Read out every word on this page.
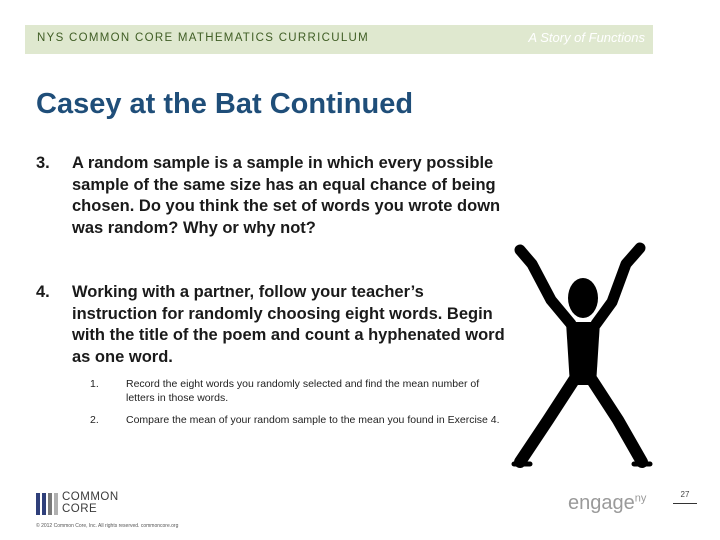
NYS COMMON CORE MATHEMATICS CURRICULUM	A Story of Functions
Casey at the Bat Continued
3. A random sample is a sample in which every possible sample of the same size has an equal chance of being chosen. Do you think the set of words you wrote down was random? Why or why not?
4. Working with a partner, follow your teacher’s instruction for randomly choosing eight words. Begin with the title of the poem and count a hyphenated word as one word.
1.	Record the eight words you randomly selected and find the mean number of letters in those words.
2.	Compare the mean of your random sample to the mean you found in Exercise 4.
COMMON
CORE
© 2012 Common Core, Inc. All rights reserved. commoncore.org
engage$^{ny}$	27
